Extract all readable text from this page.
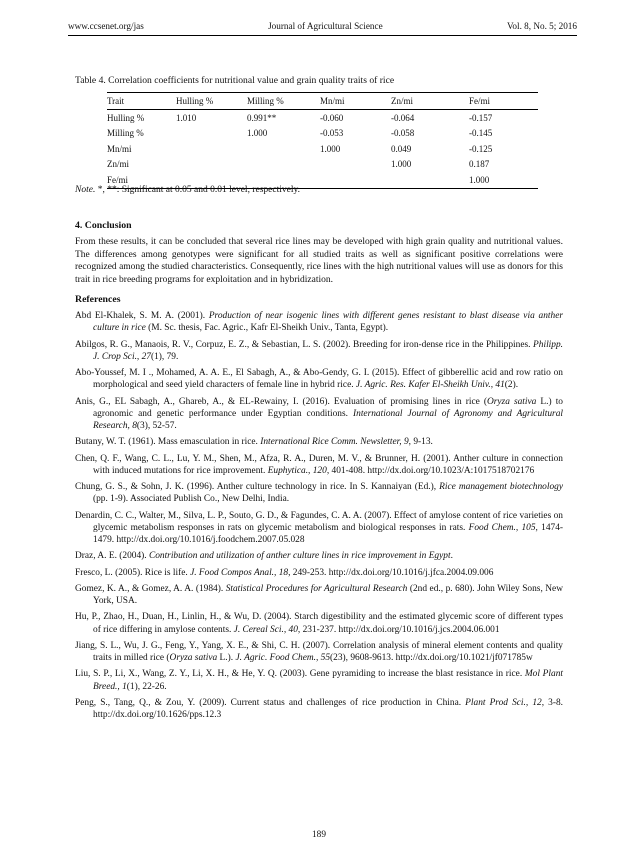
www.ccsenet.org/jas	Journal of Agricultural Science	Vol. 8, No. 5; 2016
Table 4. Correlation coefficients for nutritional value and grain quality traits of rice
Trait	Hulling %	Milling %	Mn/mi	Zn/mi	Fe/mi
Hulling %	1.010	0.991**	-0.060	-0.064	-0.157
Milling %		1.000	-0.053	-0.058	-0.145
Mn/mi			1.000	0.049	-0.125
Zn/mi				1.000	0.187
Fe/mi					1.000
Note. *, **: Significant at 0.05 and 0.01 level, respectively.
4. Conclusion
From these results, it can be concluded that several rice lines may be developed with high grain quality and nutritional values. The differences among genotypes were significant for all studied traits as well as significant positive correlations were recognized among the studied characteristics. Consequently, rice lines with the high nutritional values will use as donors for this trait in rice breeding programs for exploitation and in hybridization.
References
Abd El-Khalek, S. M. A. (2001). Production of near isogenic lines with different genes resistant to blast disease via anther culture in rice (M. Sc. thesis, Fac. Agric., Kafr El-Sheikh Univ., Tanta, Egypt).
Abilgos, R. G., Manaois, R. V., Corpuz, E. Z., & Sebastian, L. S. (2002). Breeding for iron-dense rice in the Philippines. Philipp. J. Crop Sci., 27(1), 79.
Abo-Youssef, M. I ., Mohamed, A. A. E., El Sabagh, A., & Abo-Gendy, G. I. (2015). Effect of gibberellic acid and row ratio on morphological and seed yield characters of female line in hybrid rice. J. Agric. Res. Kafer El-Sheikh Univ., 41(2).
Anis, G., EL Sabagh, A., Ghareb, A., & EL-Rewainy, I. (2016). Evaluation of promising lines in rice (Oryza sativa L.) to agronomic and genetic performance under Egyptian conditions. International Journal of Agronomy and Agricultural Research, 8(3), 52-57.
Butany, W. T. (1961). Mass emasculation in rice. International Rice Comm. Newsletter, 9, 9-13.
Chen, Q. F., Wang, C. L., Lu, Y. M., Shen, M., Afza, R. A., Duren, M. V., & Brunner, H. (2001). Anther culture in connection with induced mutations for rice improvement. Euphytica., 120, 401-408. http://dx.doi.org/10.1023/A:1017518702176
Chung, G. S., & Sohn, J. K. (1996). Anther culture technology in rice. In S. Kannaiyan (Ed.), Rice management biotechnology (pp. 1-9). Associated Publish Co., New Delhi, India.
Denardin, C. C., Walter, M., Silva, L. P., Souto, G. D., & Fagundes, C. A. A. (2007). Effect of amylose content of rice varieties on glycemic metabolism responses in rats on glycemic metabolism and biological responses in rats. Food Chem., 105, 1474-1479. http://dx.doi.org/10.1016/j.foodchem.2007.05.028
Draz, A. E. (2004). Contribution and utilization of anther culture lines in rice improvement in Egypt.
Fresco, L. (2005). Rice is life. J. Food Compos Anal., 18, 249-253. http://dx.doi.org/10.1016/j.jfca.2004.09.006
Gomez, K. A., & Gomez, A. A. (1984). Statistical Procedures for Agricultural Research (2nd ed., p. 680). John Wiley Sons, New York, USA.
Hu, P., Zhao, H., Duan, H., Linlin, H., & Wu, D. (2004). Starch digestibility and the estimated glycemic score of different types of rice differing in amylose contents. J. Cereal Sci., 40, 231-237. http://dx.doi.org/10.1016/j.jcs.2004.06.001
Jiang, S. L., Wu, J. G., Feng, Y., Yang, X. E., & Shi, C. H. (2007). Correlation analysis of mineral element contents and quality traits in milled rice (Oryza sativa L.). J. Agric. Food Chem., 55(23), 9608-9613. http://dx.doi.org/10.1021/jf071785w
Liu, S. P., Li, X., Wang, Z. Y., Li, X. H., & He, Y. Q. (2003). Gene pyramiding to increase the blast resistance in rice. Mol Plant Breed., 1(1), 22-26.
Peng, S., Tang, Q., & Zou, Y. (2009). Current status and challenges of rice production in China. Plant Prod Sci., 12, 3-8. http://dx.doi.org/10.1626/pps.12.3
189
